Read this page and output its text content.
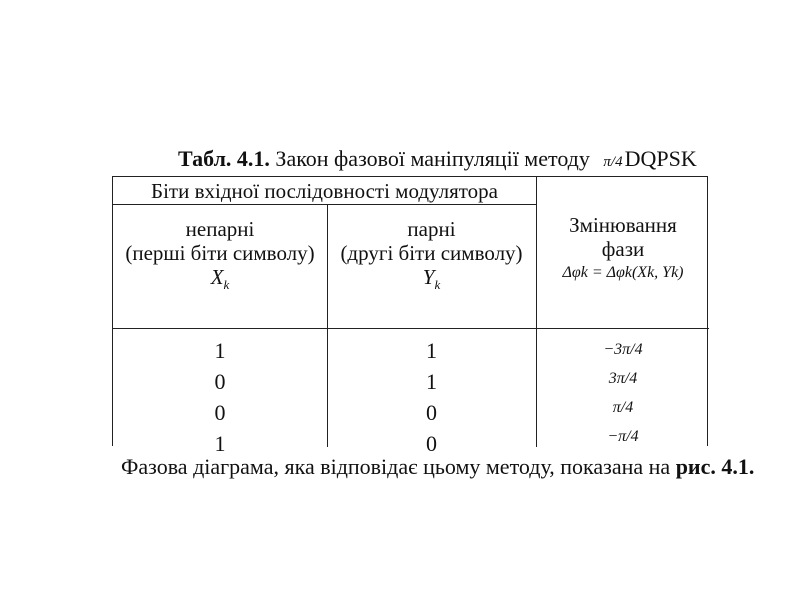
Табл. 4.1. Закон фазової маніпуляції методу π/4DQPSK
Біти вхідної послідовності модулятора
непарні
(перші біти символу)
$X_k$
парні
(другі біти символу)
$Y_k$
Змінювання
фази
Δφk = Δφk(Xk, Yk)
1
0
0
1
1
1
0
0
−3π/4
3π/4
π/4
−π/4
Фазова діаграма, яка відповідає цьому методу, показана на рис. 4.1.
